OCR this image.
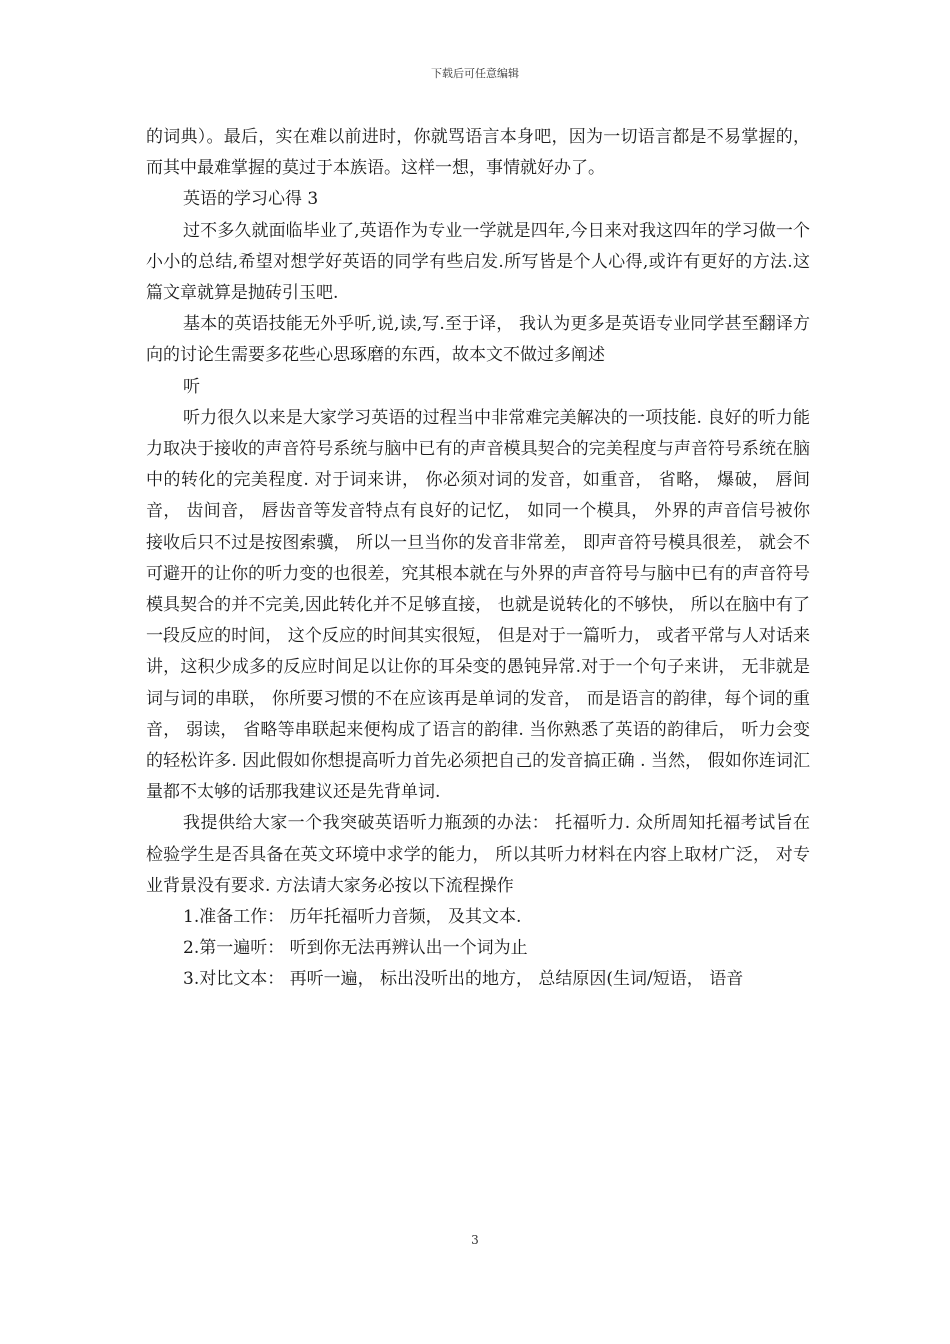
下载后可任意编辑

的词典）。最后，实在难以前进时，你就骂语言本身吧，因为一切语言都是不易掌握的，而其中最难掌握的莫过于本族语。这样一想，事情就好办了。

英语的学习心得 3

过不多久就面临毕业了,英语作为专业一学就是四年,今日来对我这四年的学习做一个小小的总结,希望对想学好英语的同学有些启发.所写皆是个人心得,或许有更好的方法.这篇文章就算是抛砖引玉吧.

基本的英语技能无外乎听,说,读,写.至于译， 我认为更多是英语专业同学甚至翻译方向的讨论生需要多花些心思琢磨的东西，故本文不做过多阐述

听

听力很久以来是大家学习英语的过程当中非常难完美解决的一项技能. 良好的听力能力取决于接收的声音符号系统与脑中已有的声音模具契合的完美程度与声音符号系统在脑中的转化的完美程度. 对于词来讲， 你必须对词的发音，如重音， 省略， 爆破， 唇间音， 齿间音， 唇齿音等发音特点有良好的记忆， 如同一个模具， 外界的声音信号被你接收后只不过是按图索骥， 所以一旦当你的发音非常差， 即声音符号模具很差， 就会不可避开的让你的听力变的也很差，究其根本就在与外界的声音符号与脑中已有的声音符号模具契合的并不完美,因此转化并不足够直接， 也就是说转化的不够快， 所以在脑中有了一段反应的时间， 这个反应的时间其实很短， 但是对于一篇听力， 或者平常与人对话来讲，这积少成多的反应时间足以让你的耳朵变的愚钝异常.对于一个句子来讲， 无非就是词与词的串联， 你所要习惯的不在应该再是单词的发音， 而是语言的韵律，每个词的重音， 弱读， 省略等串联起来便构成了语言的韵律. 当你熟悉了英语的韵律后， 听力会变的轻松许多. 因此假如你想提高听力首先必须把自己的发音搞正确 . 当然， 假如你连词汇量都不太够的话那我建议还是先背单词.

我提供给大家一个我突破英语听力瓶颈的办法： 托福听力. 众所周知托福考试旨在检验学生是否具备在英文环境中求学的能力， 所以其听力材料在内容上取材广泛， 对专业背景没有要求. 方法请大家务必按以下流程操作

1.准备工作： 历年托福听力音频， 及其文本.

2.第一遍听： 听到你无法再辨认出一个词为止

3.对比文本： 再听一遍， 标出没听出的地方， 总结原因(生词/短语， 语音

3
